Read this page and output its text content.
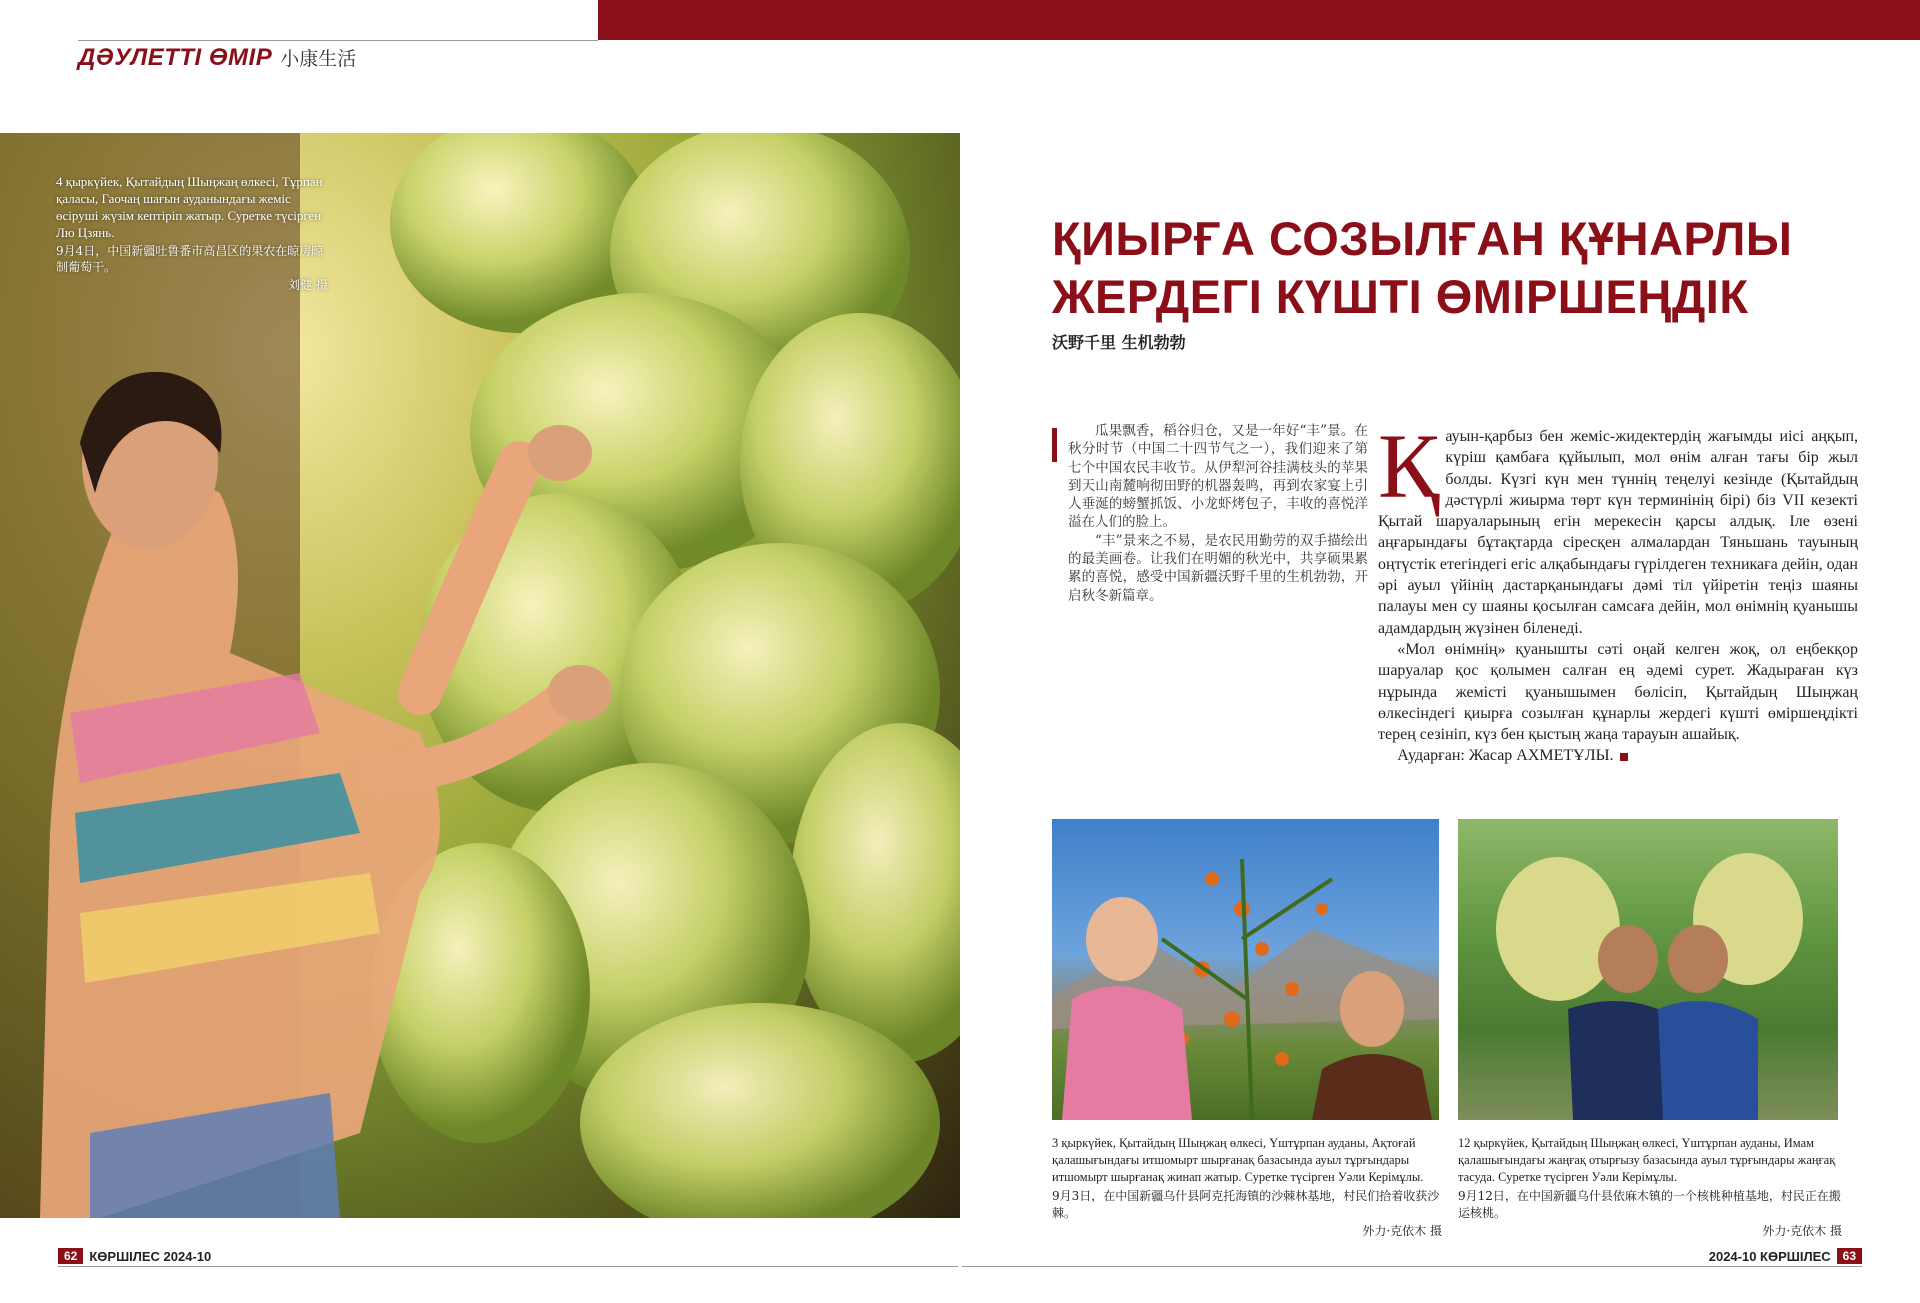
ДӘУЛЕТТІ ӨМІР 小康生活
4 қыркүйек, Қытайдың Шыңжаң өлкесі, Тұрпан қаласы, Гаочаң шағын ауданындағы жеміс өсіруші жүзім кептіріп жатыр. Суретке түсірген Лю Цзянь.
9月4日，中国新疆吐鲁番市高昌区的果农在晾房晾制葡萄干。
刘健 摄
ҚИЫРҒА СОЗЫЛҒАН ҚҰНАРЛЫ
ЖЕРДЕГІ КҮШТІ ӨМІРШЕҢДІК
沃野千里 生机勃勃

瓜果飘香，稻谷归仓，又是一年好“丰”景。在秋分时节（中国二十四节气之一），我们迎来了第七个中国农民丰收节。从伊犁河谷挂满枝头的苹果到天山南麓响彻田野的机器轰鸣，再到农家宴上引人垂涎的螃蟹抓饭、小龙虾烤包子，丰收的喜悦洋溢在人们的脸上。

“丰”景来之不易，是农民用勤劳的双手描绘出的最美画卷。让我们在明媚的秋光中，共享硕果累累的喜悦，感受中国新疆沃野千里的生机勃勃，开启秋冬新篇章。

Қ ауын-қарбыз бен жеміс-жидектердің жағымды иісі аңқып, күріш қамбаға құйылып, мол өнім алған тағы бір жыл болды. Күзгі күн мен түннің теңелуі кезінде (Қытайдың дәстүрлі жиырма төрт күн терминінің бірі) біз VII кезекті Қытай шаруаларының егін мерекесін қарсы алдық. Іле өзені аңғарындағы бұтақтарда сіресқен алмалардан Тяньшань тауының оңтүстік етегіндегі егіс алқабындағы гүрілдеген техникаға дейін, одан әрі ауыл үйінің дастарқанындағы дәмі тіл үйіретін теңіз шаяны палауы мен су шаяны қосылған самсаға дейін, мол өнімнің қуанышы адамдардың жүзінен біленеді.

«Мол өнімнің» қуанышты сәті оңай келген жоқ, ол еңбекқор шаруалар қос қолымен салған ең әдемі сурет. Жадыраған күз нұрында жемісті қуанышымен бөлісіп, Қытайдың Шыңжаң өлкесіндегі қиырға созылған құнарлы жердегі күшті өміршеңдікті терең сезініп, күз бен қыстың жаңа тарауын ашайық.

Аударған: Жасар АХМЕТҰЛЫ.

3 қыркүйек, Қытайдың Шыңжаң өлкесі, Үштұрпан ауданы, Ақтоғай қалашығындағы итшомырт шырғанақ базасында ауыл тұрғындары итшомырт шырғанақ жинап жатыр. Суретке түсірген Уәли Керімұлы.
9月3日，在中国新疆乌什县阿克托海镇的沙棘林基地，村民们拾着收获沙棘。
外力·克依木 摄
12 қыркүйек, Қытайдың Шыңжаң өлкесі, Үштұрпан ауданы, Имам қалашығындағы жаңғақ отырғызу базасында ауыл тұрғындары жаңғақ тасуда. Суретке түсірген Уәли Керімұлы.
9月12日，在中国新疆乌什县依麻木镇的一个核桃种植基地，村民正在搬运核桃。
外力·克依木 摄
62 КӨРШІЛЕС 2024-10	2024-10 КӨРШІЛЕС	63
